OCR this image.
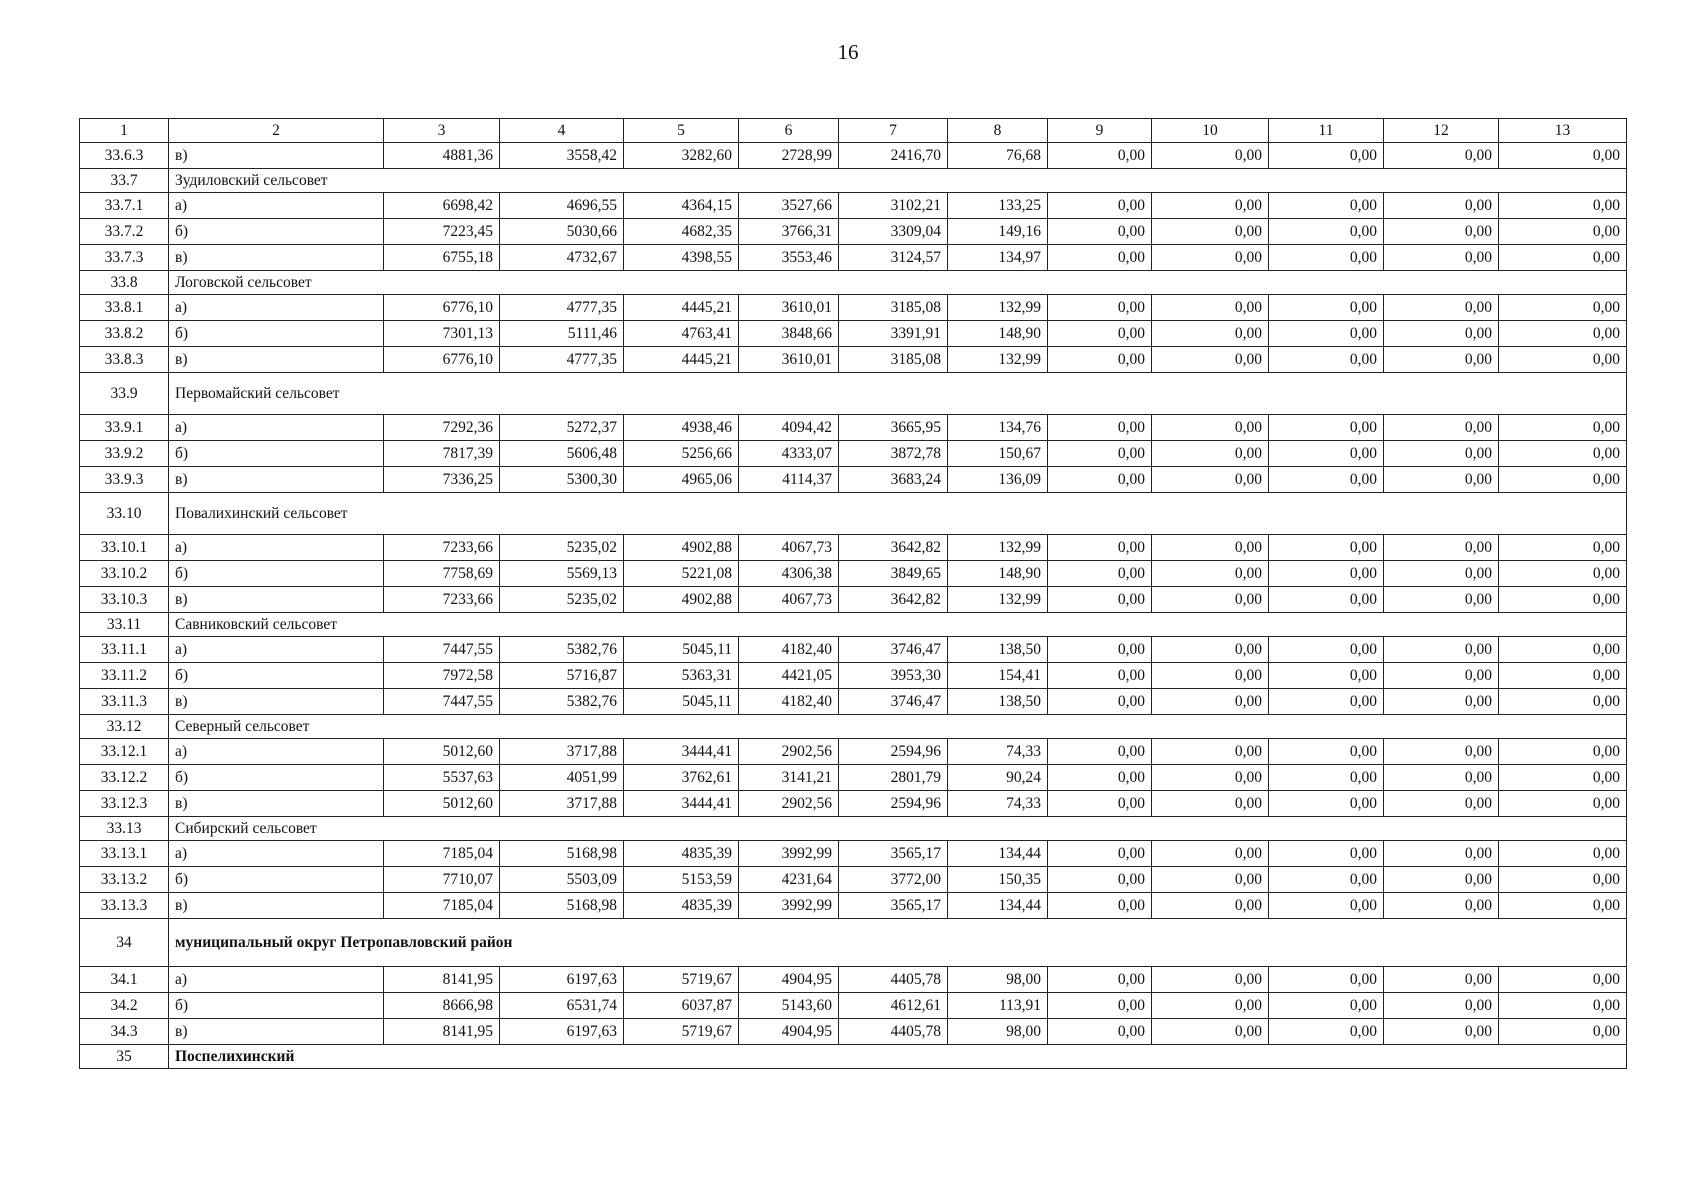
16
1	2	3	4	5	6	7	8	9	10	11	12	13
33.6.3	в)	4881,36	3558,42	3282,60	2728,99	2416,70	76,68	0,00	0,00	0,00	0,00	0,00
33.7	Зудиловский сельсовет											
33.7.1	а)	6698,42	4696,55	4364,15	3527,66	3102,21	133,25	0,00	0,00	0,00	0,00	0,00
33.7.2	б)	7223,45	5030,66	4682,35	3766,31	3309,04	149,16	0,00	0,00	0,00	0,00	0,00
33.7.3	в)	6755,18	4732,67	4398,55	3553,46	3124,57	134,97	0,00	0,00	0,00	0,00	0,00
33.8	Логовской сельсовет											
33.8.1	а)	6776,10	4777,35	4445,21	3610,01	3185,08	132,99	0,00	0,00	0,00	0,00	0,00
33.8.2	б)	7301,13	5111,46	4763,41	3848,66	3391,91	148,90	0,00	0,00	0,00	0,00	0,00
33.8.3	в)	6776,10	4777,35	4445,21	3610,01	3185,08	132,99	0,00	0,00	0,00	0,00	0,00
33.9	Первомайский сельсовет											
33.9.1	а)	7292,36	5272,37	4938,46	4094,42	3665,95	134,76	0,00	0,00	0,00	0,00	0,00
33.9.2	б)	7817,39	5606,48	5256,66	4333,07	3872,78	150,67	0,00	0,00	0,00	0,00	0,00
33.9.3	в)	7336,25	5300,30	4965,06	4114,37	3683,24	136,09	0,00	0,00	0,00	0,00	0,00
33.10	Повалихинский сельсовет											
33.10.1	а)	7233,66	5235,02	4902,88	4067,73	3642,82	132,99	0,00	0,00	0,00	0,00	0,00
33.10.2	б)	7758,69	5569,13	5221,08	4306,38	3849,65	148,90	0,00	0,00	0,00	0,00	0,00
33.10.3	в)	7233,66	5235,02	4902,88	4067,73	3642,82	132,99	0,00	0,00	0,00	0,00	0,00
33.11	Савниковский сельсовет											
33.11.1	а)	7447,55	5382,76	5045,11	4182,40	3746,47	138,50	0,00	0,00	0,00	0,00	0,00
33.11.2	б)	7972,58	5716,87	5363,31	4421,05	3953,30	154,41	0,00	0,00	0,00	0,00	0,00
33.11.3	в)	7447,55	5382,76	5045,11	4182,40	3746,47	138,50	0,00	0,00	0,00	0,00	0,00
33.12	Северный сельсовет											
33.12.1	а)	5012,60	3717,88	3444,41	2902,56	2594,96	74,33	0,00	0,00	0,00	0,00	0,00
33.12.2	б)	5537,63	4051,99	3762,61	3141,21	2801,79	90,24	0,00	0,00	0,00	0,00	0,00
33.12.3	в)	5012,60	3717,88	3444,41	2902,56	2594,96	74,33	0,00	0,00	0,00	0,00	0,00
33.13	Сибирский сельсовет											
33.13.1	а)	7185,04	5168,98	4835,39	3992,99	3565,17	134,44	0,00	0,00	0,00	0,00	0,00
33.13.2	б)	7710,07	5503,09	5153,59	4231,64	3772,00	150,35	0,00	0,00	0,00	0,00	0,00
33.13.3	в)	7185,04	5168,98	4835,39	3992,99	3565,17	134,44	0,00	0,00	0,00	0,00	0,00
34	муниципальный округ Петропавловский район											
34.1	а)	8141,95	6197,63	5719,67	4904,95	4405,78	98,00	0,00	0,00	0,00	0,00	0,00
34.2	б)	8666,98	6531,74	6037,87	5143,60	4612,61	113,91	0,00	0,00	0,00	0,00	0,00
34.3	в)	8141,95	6197,63	5719,67	4904,95	4405,78	98,00	0,00	0,00	0,00	0,00	0,00
35	Поспелихинский											
